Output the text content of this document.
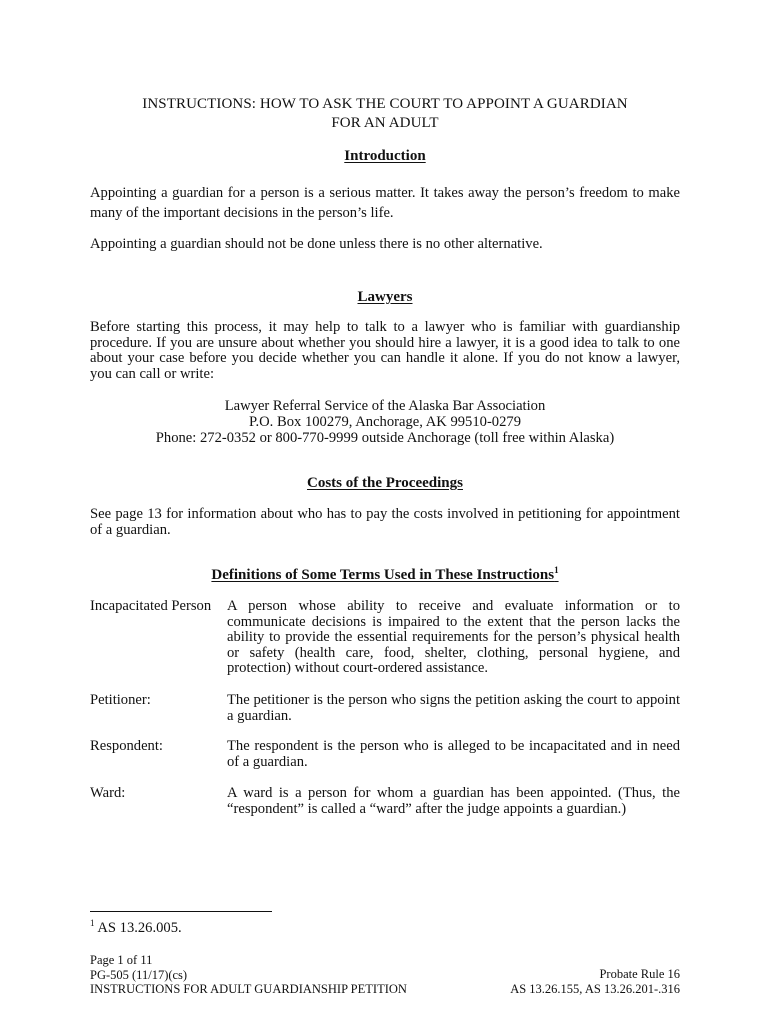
INSTRUCTIONS: HOW TO ASK THE COURT TO APPOINT A GUARDIAN
FOR AN ADULT
Introduction

Appointing a guardian for a person is a serious matter. It takes away the person’s freedom to make many of the important decisions in the person’s life.

Appointing a guardian should not be done unless there is no other alternative.

Lawyers

Before starting this process, it may help to talk to a lawyer who is familiar with guardianship procedure. If you are unsure about whether you should hire a lawyer, it is a good idea to talk to one about your case before you decide whether you can handle it alone. If you do not know a lawyer, you can call or write:

Lawyer Referral Service of the Alaska Bar Association
P.O. Box 100279, Anchorage, AK 99510-0279
Phone: 272-0352 or 800-770-9999 outside Anchorage (toll free within Alaska)
Costs of the Proceedings

See page 13 for information about who has to pay the costs involved in petitioning for appointment of a guardian.

Definitions of Some Terms Used in These Instructions$^1$
Incapacitated Person	A person whose ability to receive and evaluate information or to communicate decisions is impaired to the extent that the person lacks the ability to provide the essential requirements for the person’s physical health or safety (health care, food, shelter, clothing, personal hygiene, and protection) without court-ordered assistance.

Petitioner:	The petitioner is the person who signs the petition asking the court to appoint a guardian.

Respondent:	The respondent is the person who is alleged to be incapacitated and in need of a guardian.

Ward:	A ward is a person for whom a guardian has been appointed. (Thus, the “respondent” is called a “ward” after the judge appoints a guardian.)

$^1$ AS 13.26.005.
Page 1 of 11
PG-505 (11/17)(cs)
INSTRUCTIONS FOR ADULT GUARDIANSHIP PETITION
Probate Rule 16
AS 13.26.155, AS 13.26.201-.316
